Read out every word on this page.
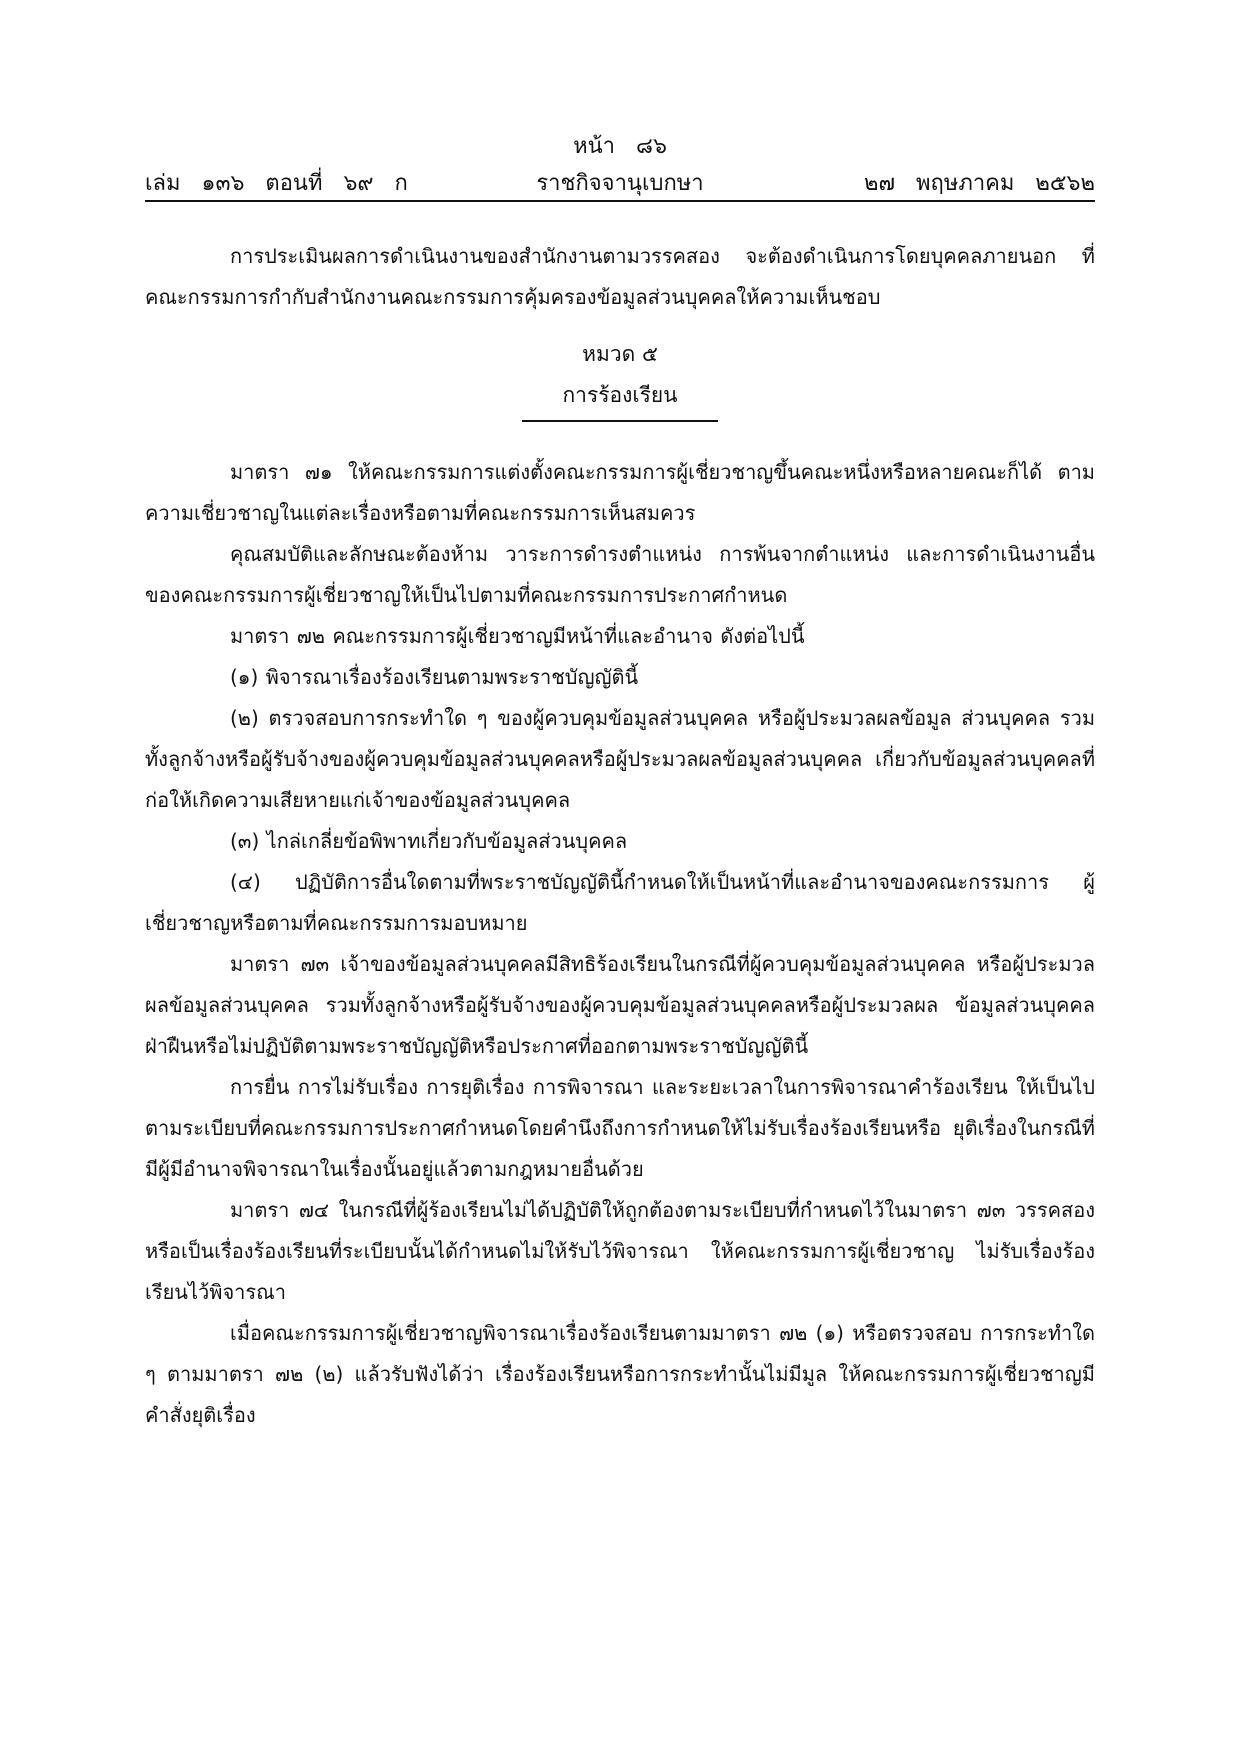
หน้า   ๘๖
เล่ม   ๑๓๖   ตอนที่   ๖๙   ก	ราชกิจจานุเบกษา	๒๗   พฤษภาคม   ๒๕๖๒

การประเมินผลการดำเนินงานของสำนักงานตามวรรคสอง จะต้องดำเนินการโดยบุคคลภายนอก ที่คณะกรรมการกำกับสำนักงานคณะกรรมการคุ้มครองข้อมูลส่วนบุคคลให้ความเห็นชอบ

หมวด ๕
การร้องเรียน

มาตรา ๗๑ ให้คณะกรรมการแต่งตั้งคณะกรรมการผู้เชี่ยวชาญขึ้นคณะหนึ่งหรือหลายคณะก็ได้ ตามความเชี่ยวชาญในแต่ละเรื่องหรือตามที่คณะกรรมการเห็นสมควร

คุณสมบัติและลักษณะต้องห้าม วาระการดำรงตำแหน่ง การพ้นจากตำแหน่ง และการดำเนินงานอื่น ของคณะกรรมการผู้เชี่ยวชาญให้เป็นไปตามที่คณะกรรมการประกาศกำหนด

มาตรา ๗๒ คณะกรรมการผู้เชี่ยวชาญมีหน้าที่และอำนาจ ดังต่อไปนี้

(๑) พิจารณาเรื่องร้องเรียนตามพระราชบัญญัตินี้

(๒) ตรวจสอบการกระทำใด ๆ ของผู้ควบคุมข้อมูลส่วนบุคคล หรือผู้ประมวลผลข้อมูล ส่วนบุคคล รวมทั้งลูกจ้างหรือผู้รับจ้างของผู้ควบคุมข้อมูลส่วนบุคคลหรือผู้ประมวลผลข้อมูลส่วนบุคคล เกี่ยวกับข้อมูลส่วนบุคคลที่ก่อให้เกิดความเสียหายแก่เจ้าของข้อมูลส่วนบุคคล

(๓) ไกล่เกลี่ยข้อพิพาทเกี่ยวกับข้อมูลส่วนบุคคล

(๔) ปฏิบัติการอื่นใดตามที่พระราชบัญญัตินี้กำหนดให้เป็นหน้าที่และอำนาจของคณะกรรมการ ผู้เชี่ยวชาญหรือตามที่คณะกรรมการมอบหมาย

มาตรา ๗๓ เจ้าของข้อมูลส่วนบุคคลมีสิทธิร้องเรียนในกรณีที่ผู้ควบคุมข้อมูลส่วนบุคคล หรือผู้ประมวลผลข้อมูลส่วนบุคคล รวมทั้งลูกจ้างหรือผู้รับจ้างของผู้ควบคุมข้อมูลส่วนบุคคลหรือผู้ประมวลผล ข้อมูลส่วนบุคคล ฝ่าฝืนหรือไม่ปฏิบัติตามพระราชบัญญัติหรือประกาศที่ออกตามพระราชบัญญัตินี้

การยื่น การไม่รับเรื่อง การยุติเรื่อง การพิจารณา และระยะเวลาในการพิจารณาคำร้องเรียน ให้เป็นไปตามระเบียบที่คณะกรรมการประกาศกำหนดโดยคำนึงถึงการกำหนดให้ไม่รับเรื่องร้องเรียนหรือ ยุติเรื่องในกรณีที่มีผู้มีอำนาจพิจารณาในเรื่องนั้นอยู่แล้วตามกฎหมายอื่นด้วย

มาตรา ๗๔ ในกรณีที่ผู้ร้องเรียนไม่ได้ปฏิบัติให้ถูกต้องตามระเบียบที่กำหนดไว้ในมาตรา ๗๓ วรรคสอง หรือเป็นเรื่องร้องเรียนที่ระเบียบนั้นได้กำหนดไม่ให้รับไว้พิจารณา ให้คณะกรรมการผู้เชี่ยวชาญ ไม่รับเรื่องร้องเรียนไว้พิจารณา

เมื่อคณะกรรมการผู้เชี่ยวชาญพิจารณาเรื่องร้องเรียนตามมาตรา ๗๒ (๑) หรือตรวจสอบ การกระทำใด ๆ ตามมาตรา ๗๒ (๒) แล้วรับฟังได้ว่า เรื่องร้องเรียนหรือการกระทำนั้นไม่มีมูล ให้คณะกรรมการผู้เชี่ยวชาญมีคำสั่งยุติเรื่อง
